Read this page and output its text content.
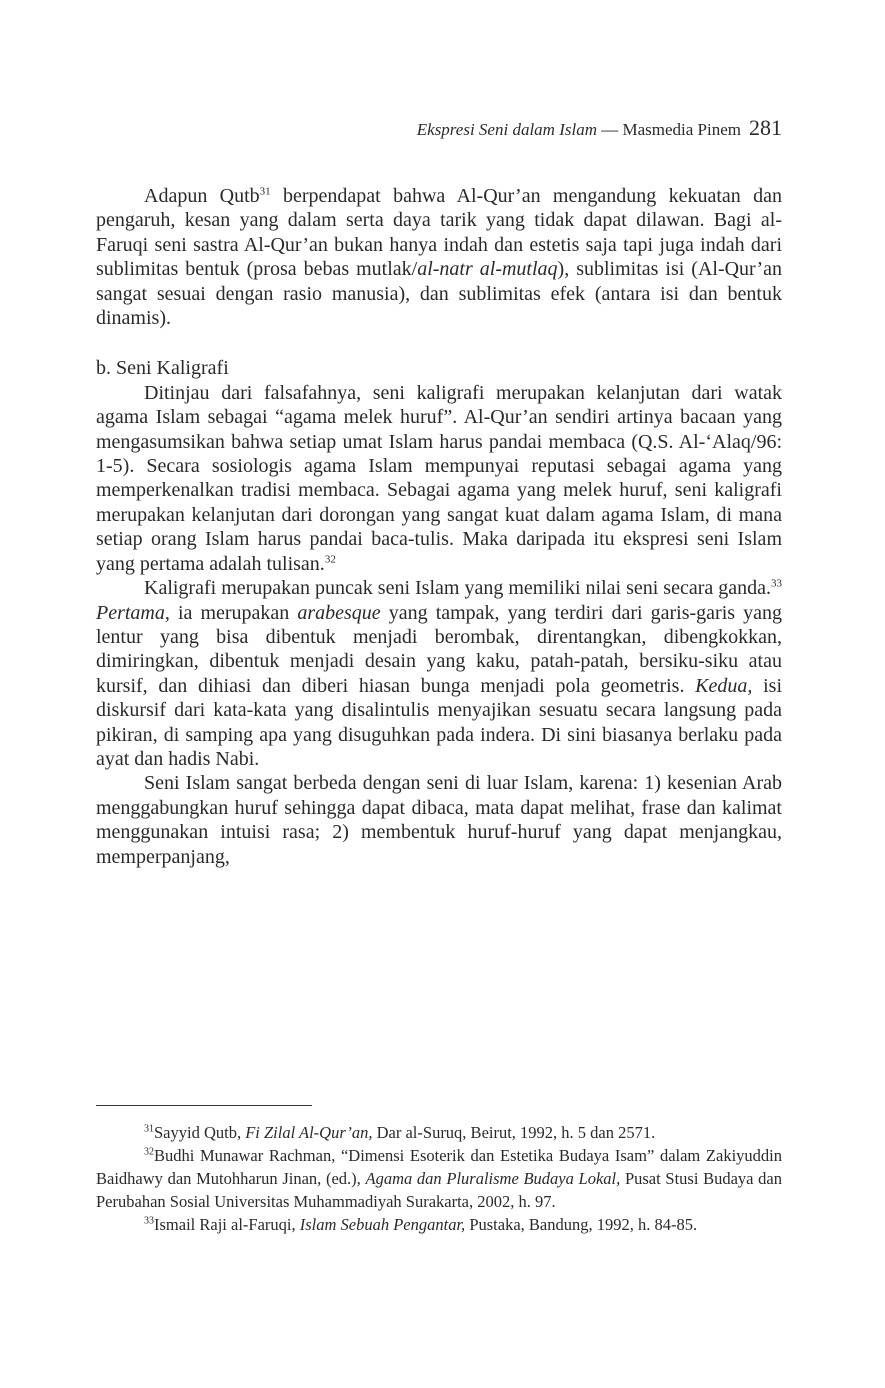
Ekspresi Seni dalam Islam — Masmedia Pinem 281

Adapun Qutb$^{31}$ berpendapat bahwa Al-Qur’an mengandung kekuatan dan pengaruh, kesan yang dalam serta daya tarik yang tidak dapat dilawan. Bagi al-Faruqi seni sastra Al-Qur’an bukan hanya indah dan estetis saja tapi juga indah dari sublimitas bentuk (prosa bebas mutlak/al-natr al-mutlaq), sublimitas isi (Al-Qur’an sangat sesuai dengan rasio manusia), dan sublimitas efek (antara isi dan bentuk dinamis).

b. Seni Kaligrafi

Ditinjau dari falsafahnya, seni kaligrafi merupakan kelanjutan dari watak agama Islam sebagai “agama melek huruf”. Al-Qur’an sendiri artinya bacaan yang mengasumsikan bahwa setiap umat Islam harus pandai membaca (Q.S. Al-‘Alaq/96: 1-5). Secara sosiologis agama Islam mempunyai reputasi sebagai agama yang memperkenalkan tradisi membaca. Sebagai agama yang melek huruf, seni kaligrafi merupakan kelanjutan dari dorongan yang sangat kuat dalam agama Islam, di mana setiap orang Islam harus pandai baca-tulis. Maka daripada itu ekspresi seni Islam yang pertama adalah tulisan.$^{32}$

Kaligrafi merupakan puncak seni Islam yang memiliki nilai seni secara ganda.$^{33}$ Pertama, ia merupakan arabesque yang tampak, yang terdiri dari garis-garis yang lentur yang bisa dibentuk menjadi berombak, direntangkan, dibengkokkan, dimiringkan, dibentuk menjadi desain yang kaku, patah-patah, bersiku-siku atau kursif, dan dihiasi dan diberi hiasan bunga menjadi pola geometris. Kedua, isi diskursif dari kata-kata yang disalintulis menyajikan sesuatu secara langsung pada pikiran, di samping apa yang disuguhkan pada indera. Di sini biasanya berlaku pada ayat dan hadis Nabi.

Seni Islam sangat berbeda dengan seni di luar Islam, karena: 1) kesenian Arab menggabungkan huruf sehingga dapat dibaca, mata dapat melihat, frase dan kalimat menggunakan intuisi rasa; 2) membentuk huruf-huruf yang dapat menjangkau, memperpanjang,

$^{31}$Sayyid Qutb, Fi Zilal Al-Qur’an, Dar al-Suruq, Beirut, 1992, h. 5 dan 2571.

$^{32}$Budhi Munawar Rachman, “Dimensi Esoterik dan Estetika Budaya Isam” dalam Zakiyuddin Baidhawy dan Mutohharun Jinan, (ed.), Agama dan Pluralisme Budaya Lokal, Pusat Stusi Budaya dan Perubahan Sosial Universitas Muhammadiyah Surakarta, 2002, h. 97.

$^{33}$Ismail Raji al-Faruqi, Islam Sebuah Pengantar, Pustaka, Bandung, 1992, h. 84-85.
